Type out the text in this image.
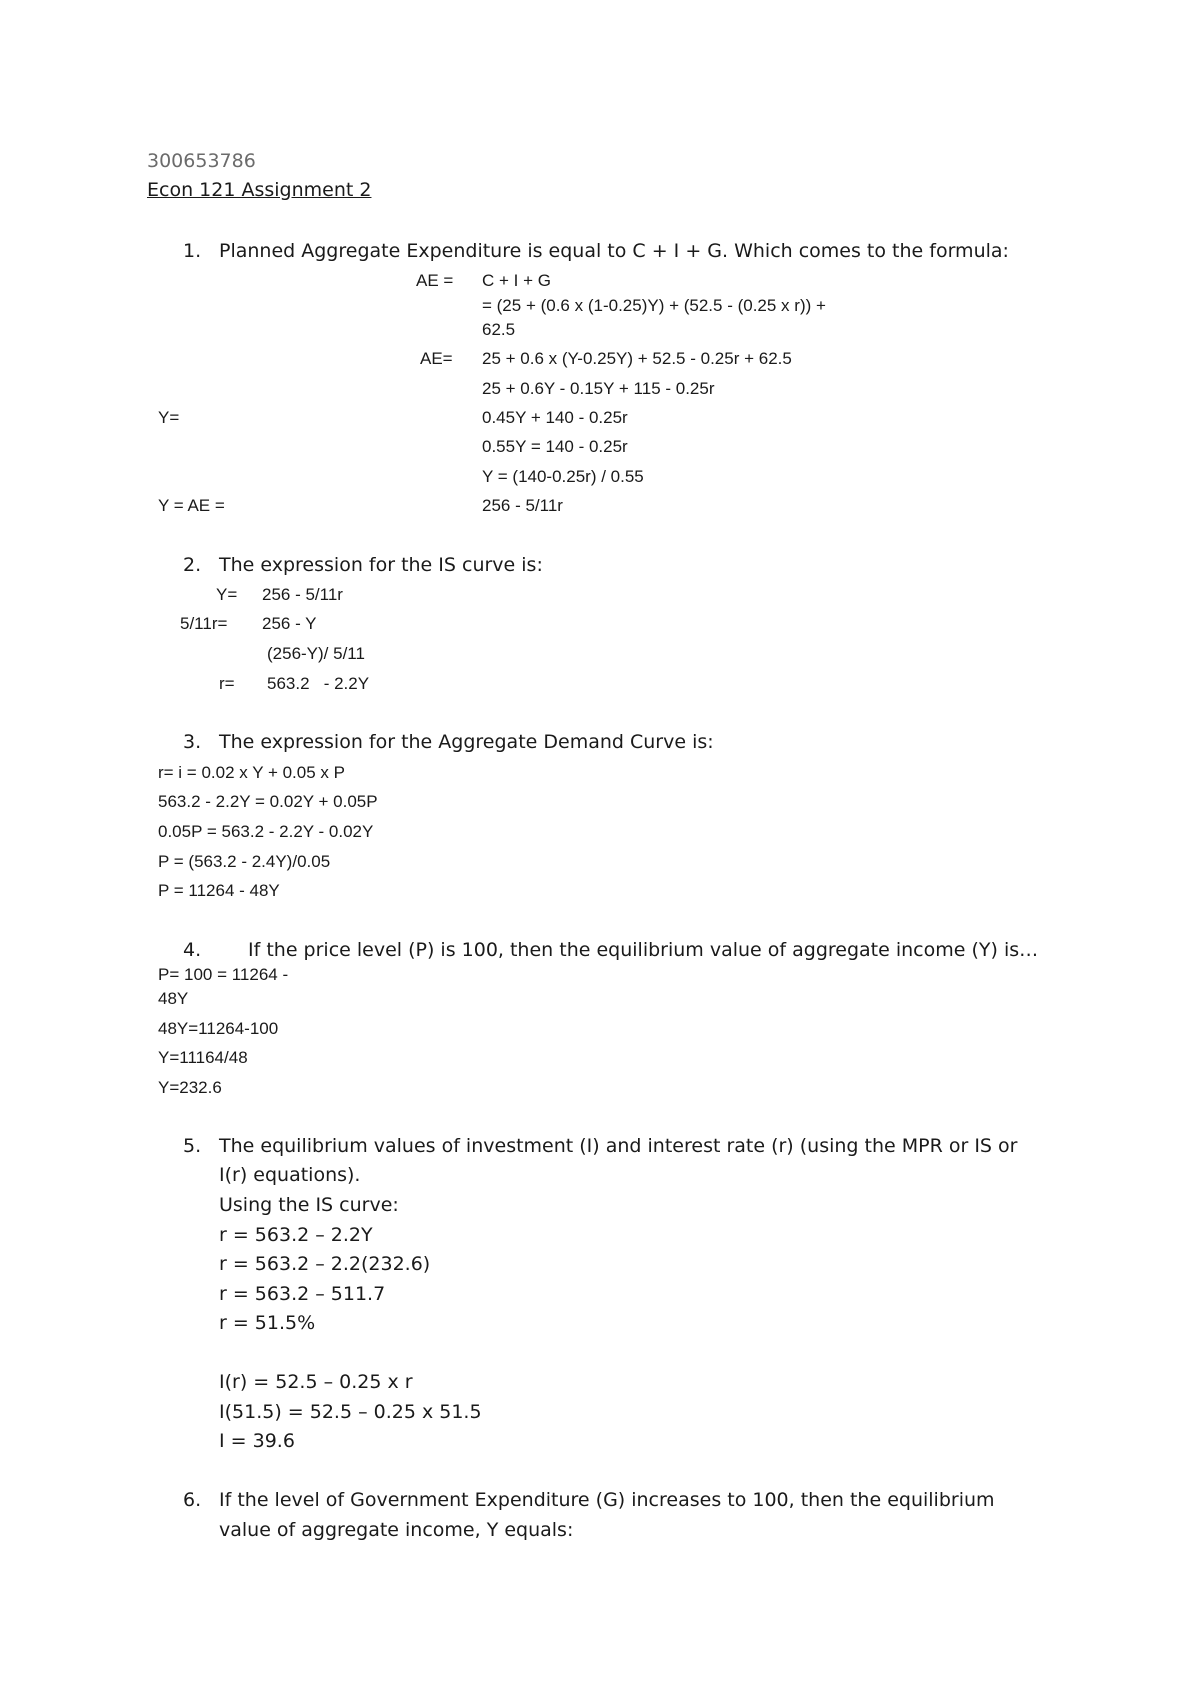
300653786
Econ 121 Assignment 2
1. Planned Aggregate Expenditure is equal to C + I + G. Which comes to the formula:
AE = C + I + G
= (25 + (0.6 x (1-0.25)Y) + (52.5 - (0.25 x r)) +
62.5
AE= 25 + 0.6 x (Y-0.25Y) + 52.5 - 0.25r + 62.5
25 + 0.6Y - 0.15Y + 115 - 0.25r
Y=	0.45Y + 140 - 0.25r
0.55Y = 140 - 0.25r
Y = (140-0.25r) / 0.55
Y = AE =	256 - 5/11r
2. The expression for the IS curve is:
Y= 256 - 5/11r
5/11r= 256 - Y
(256-Y)/ 5/11
r= 563.2   - 2.2Y
3. The expression for the Aggregate Demand Curve is:
r= i = 0.02 x Y + 0.05 x P
563.2 - 2.2Y = 0.02Y + 0.05P
0.05P = 563.2 - 2.2Y - 0.02Y
P = (563.2 - 2.4Y)/0.05
P = 11264 - 48Y
4. If the price level (P) is 100, then the equilibrium value of aggregate income (Y) is…
P= 100 = 11264 -
48Y
48Y=11264-100
Y=11164/48
Y=232.6
5. The equilibrium values of investment (I) and interest rate (r) (using the MPR or IS or
I(r) equations).
Using the IS curve:
r = 563.2 – 2.2Y
r = 563.2 – 2.2(232.6)
r = 563.2 – 511.7
r = 51.5%
I(r) = 52.5 – 0.25 x r
I(51.5) = 52.5 – 0.25 x 51.5
I = 39.6
6. If the level of Government Expenditure (G) increases to 100, then the equilibrium
value of aggregate income, Y equals:
